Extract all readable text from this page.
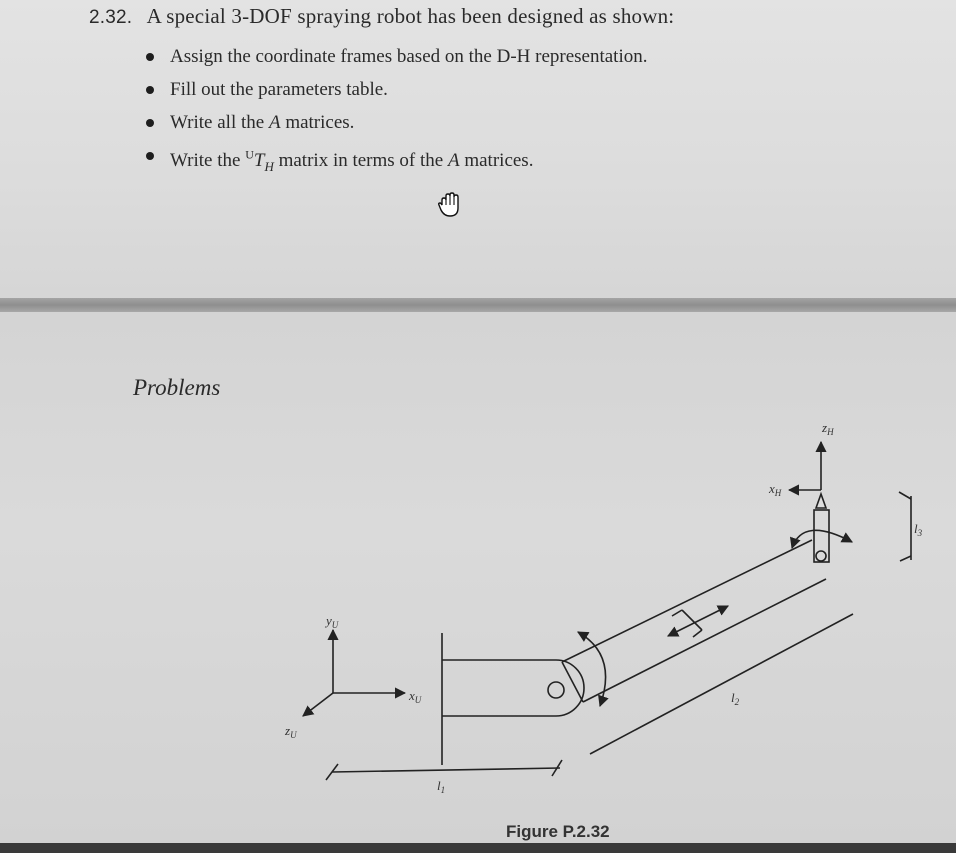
2.32. A special 3-DOF spraying robot has been designed as shown:
Assign the coordinate frames based on the D-H representation.
Fill out the parameters table.
Write all the A matrices.
Write the $^UT_H$ matrix in terms of the A matrices.
Problems
$y_U$
$x_U$
$z_U$
$z_H$
$x_H$
$l_1$
$l_2$
$l_3$
Figure P.2.32
